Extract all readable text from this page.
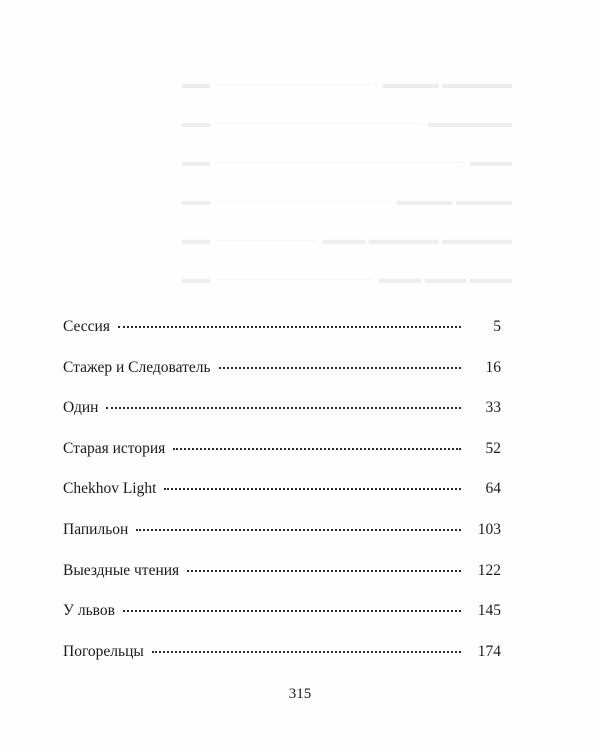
▬▬▬▬▬ ▬▬▬▬
▬▬
▬▬▬▬▬▬
▬▬
▬▬▬
▬▬
▬▬▬▬ ▬▬▬▬
▬▬
▬▬▬▬▬ ▬▬▬▬▬ ▬▬▬
▬▬
▬▬▬ ▬▬▬ ▬▬▬
▬▬
Сессия	5
Стажер и Следователь	16
Один	33
Старая история	52
Chekhov Light	64
Папильон	103
Выездные чтения	122
У львов	145
Погорельцы	174
315
